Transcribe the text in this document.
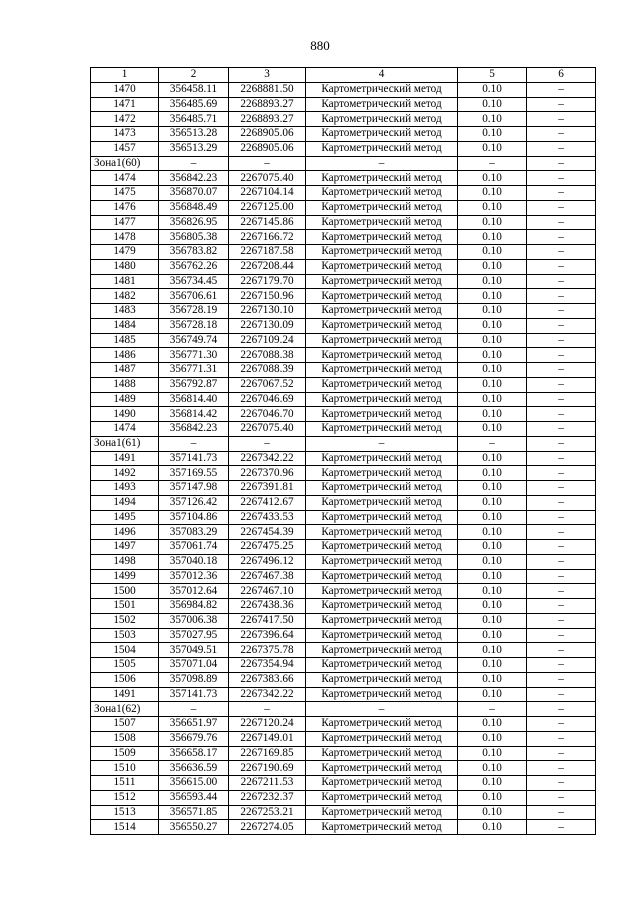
880
1	2	3	4	5	6
1470	356458.11	2268881.50	Картометрический метод	0.10	–
1471	356485.69	2268893.27	Картометрический метод	0.10	–
1472	356485.71	2268893.27	Картометрический метод	0.10	–
1473	356513.28	2268905.06	Картометрический метод	0.10	–
1457	356513.29	2268905.06	Картометрический метод	0.10	–
Зона1(60)	–	–	–	–	–
1474	356842.23	2267075.40	Картометрический метод	0.10	–
1475	356870.07	2267104.14	Картометрический метод	0.10	–
1476	356848.49	2267125.00	Картометрический метод	0.10	–
1477	356826.95	2267145.86	Картометрический метод	0.10	–
1478	356805.38	2267166.72	Картометрический метод	0.10	–
1479	356783.82	2267187.58	Картометрический метод	0.10	–
1480	356762.26	2267208.44	Картометрический метод	0.10	–
1481	356734.45	2267179.70	Картометрический метод	0.10	–
1482	356706.61	2267150.96	Картометрический метод	0.10	–
1483	356728.19	2267130.10	Картометрический метод	0.10	–
1484	356728.18	2267130.09	Картометрический метод	0.10	–
1485	356749.74	2267109.24	Картометрический метод	0.10	–
1486	356771.30	2267088.38	Картометрический метод	0.10	–
1487	356771.31	2267088.39	Картометрический метод	0.10	–
1488	356792.87	2267067.52	Картометрический метод	0.10	–
1489	356814.40	2267046.69	Картометрический метод	0.10	–
1490	356814.42	2267046.70	Картометрический метод	0.10	–
1474	356842.23	2267075.40	Картометрический метод	0.10	–
Зона1(61)	–	–	–	–	–
1491	357141.73	2267342.22	Картометрический метод	0.10	–
1492	357169.55	2267370.96	Картометрический метод	0.10	–
1493	357147.98	2267391.81	Картометрический метод	0.10	–
1494	357126.42	2267412.67	Картометрический метод	0.10	–
1495	357104.86	2267433.53	Картометрический метод	0.10	–
1496	357083.29	2267454.39	Картометрический метод	0.10	–
1497	357061.74	2267475.25	Картометрический метод	0.10	–
1498	357040.18	2267496.12	Картометрический метод	0.10	–
1499	357012.36	2267467.38	Картометрический метод	0.10	–
1500	357012.64	2267467.10	Картометрический метод	0.10	–
1501	356984.82	2267438.36	Картометрический метод	0.10	–
1502	357006.38	2267417.50	Картометрический метод	0.10	–
1503	357027.95	2267396.64	Картометрический метод	0.10	–
1504	357049.51	2267375.78	Картометрический метод	0.10	–
1505	357071.04	2267354.94	Картометрический метод	0.10	–
1506	357098.89	2267383.66	Картометрический метод	0.10	–
1491	357141.73	2267342.22	Картометрический метод	0.10	–
Зона1(62)	–	–	–	–	–
1507	356651.97	2267120.24	Картометрический метод	0.10	–
1508	356679.76	2267149.01	Картометрический метод	0.10	–
1509	356658.17	2267169.85	Картометрический метод	0.10	–
1510	356636.59	2267190.69	Картометрический метод	0.10	–
1511	356615.00	2267211.53	Картометрический метод	0.10	–
1512	356593.44	2267232.37	Картометрический метод	0.10	–
1513	356571.85	2267253.21	Картометрический метод	0.10	–
1514	356550.27	2267274.05	Картометрический метод	0.10	–
